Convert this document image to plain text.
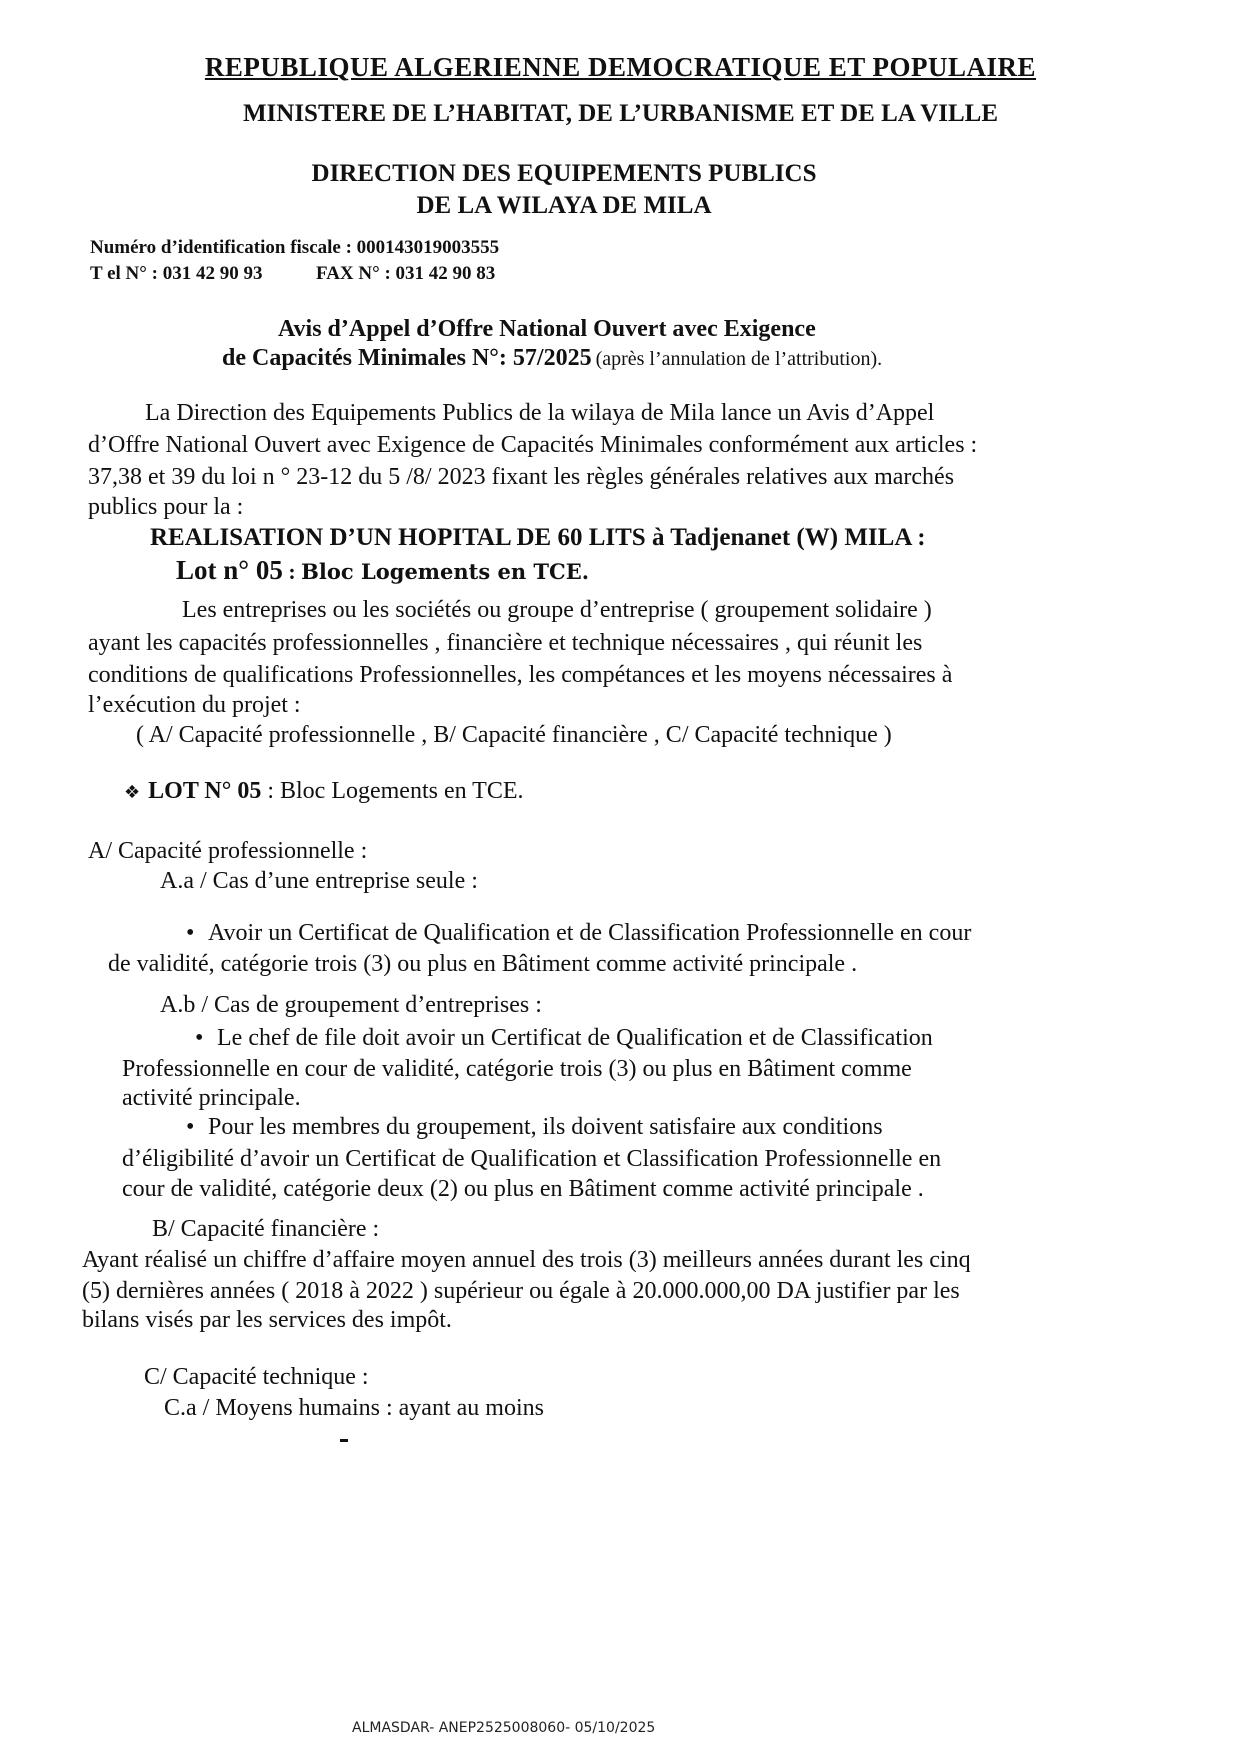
REPUBLIQUE ALGERIENNE DEMOCRATIQUE ET POPULAIRE
MINISTERE DE L’HABITAT, DE L’URBANISME ET DE LA VILLE
DIRECTION DES EQUIPEMENTS PUBLICS
DE LA WILAYA DE MILA
Numéro d’identification fiscale : 000143019003555
T el N° : 031 42 90 93	FAX N° : 031 42 90 83
Avis d’Appel d’Offre National Ouvert avec Exigence
de Capacités Minimales N°: 57/2025 (après l’annulation de l’attribution).
La Direction des Equipements Publics de la wilaya de Mila lance un Avis d’Appel
d’Offre National Ouvert avec Exigence de Capacités Minimales conformément aux articles :
37,38 et 39 du loi n ° 23-12 du 5 /8/ 2023 fixant les règles générales relatives aux marchés
publics pour la :
REALISATION D’UN HOPITAL DE 60 LITS à Tadjenanet (W) MILA :
Lot n° 05 : Bloc Logements en TCE.
Les entreprises ou les sociétés ou groupe d’entreprise ( groupement solidaire )
ayant les capacités professionnelles , financière et technique nécessaires , qui réunit les
conditions de qualifications Professionnelles, les compétances et les moyens nécessaires à
l’exécution du projet :
( A/ Capacité professionnelle , B/ Capacité financière , C/ Capacité technique )
❖ LOT N° 05 : Bloc Logements en TCE.
A/ Capacité professionnelle :
A.a / Cas d’une entreprise seule :
• Avoir un Certificat de Qualification et de Classification Professionnelle en cour
de validité, catégorie trois (3) ou plus en Bâtiment comme activité principale .
A.b / Cas de groupement d’entreprises :
• Le chef de file doit avoir un Certificat de Qualification et de Classification
Professionnelle en cour de validité, catégorie trois (3) ou plus en Bâtiment comme
activité principale.
• Pour les membres du groupement, ils doivent satisfaire aux conditions
d’éligibilité d’avoir un Certificat de Qualification et Classification Professionnelle en
cour de validité, catégorie deux (2) ou plus en Bâtiment comme activité principale .
B/ Capacité financière :
Ayant réalisé un chiffre d’affaire moyen annuel des trois (3) meilleurs années durant les cinq
(5) dernières années ( 2018 à 2022 ) supérieur ou égale à 20.000.000,00 DA justifier par les
bilans visés par les services des impôt.
C/ Capacité technique :
C.a / Moyens humains : ayant au moins
ALMASDAR- ANEP2525008060- 05/10/2025
